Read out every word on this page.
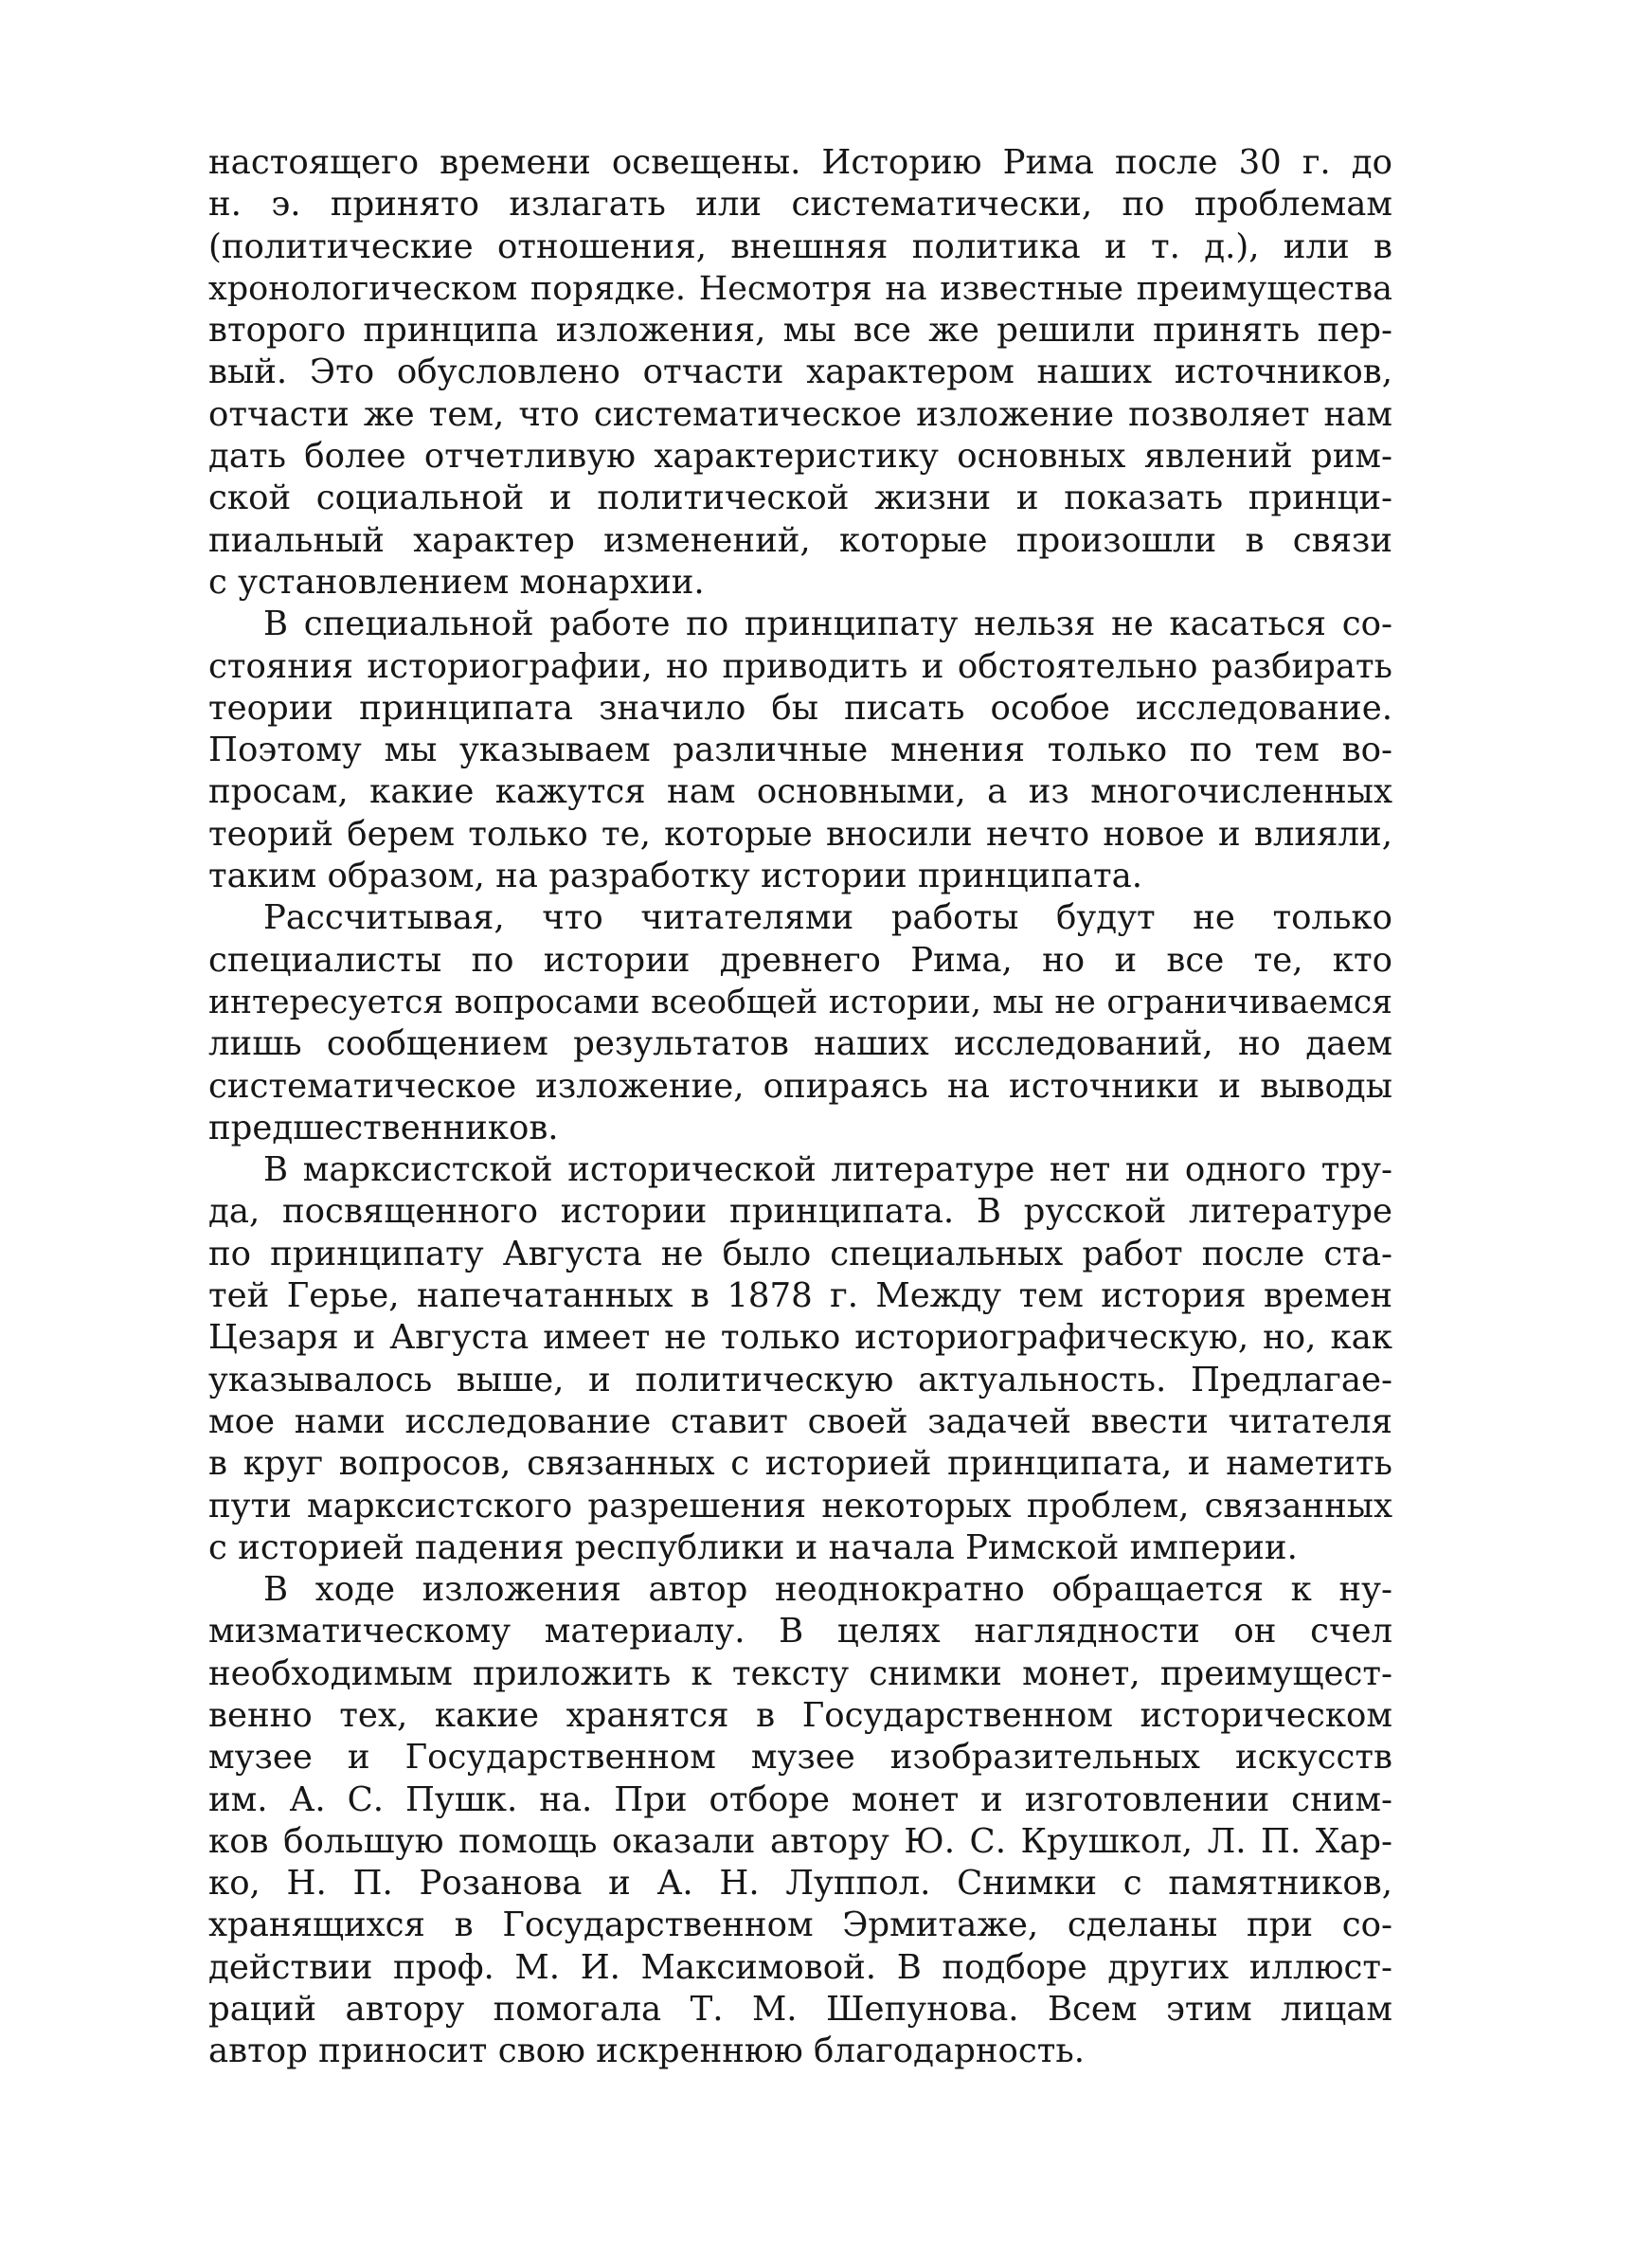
настоящего времени освещены. Историю Рима после 30 г. до
н. э. принято излагать или систематически, по проблемам
(политические отношения, внешняя политика и т. д.), или в
хронологическом порядке. Несмотря на известные преимущества
второго принципа изложения, мы все же решили принять пер-
вый. Это обусловлено отчасти характером наших источников,
отчасти же тем, что систематическое изложение позволяет нам
дать более отчетливую характеристику основных явлений рим-
ской социальной и политической жизни и показать принци-
пиальный характер изменений, которые произошли в связи
с установлением монархии.
В специальной работе по принципату нельзя не касаться со-
стояния историографии, но приводить и обстоятельно разбирать
теории принципата значило бы писать особое исследование.
Поэтому мы указываем различные мнения только по тем во-
просам, какие кажутся нам основными, а из многочисленных
теорий берем только те, которые вносили нечто новое и влияли,
таким образом, на разработку истории принципата.
Рассчитывая, что читателями работы будут не только
специалисты по истории древнего Рима, но и все те, кто
интересуется вопросами всеобщей истории, мы не ограничиваемся
лишь сообщением результатов наших исследований, но даем
систематическое изложение, опираясь на источники и выводы
предшественников.
В марксистской исторической литературе нет ни одного тру-
да, посвященного истории принципата. В русской литературе
по принципату Августа не было специальных работ после ста-
тей Герье, напечатанных в 1878 г. Между тем история времен
Цезаря и Августа имеет не только историографическую, но, как
указывалось выше, и политическую актуальность. Предлагае-
мое нами исследование ставит своей задачей ввести читателя
в круг вопросов, связанных с историей принципата, и наметить
пути марксистского разрешения некоторых проблем, связанных
с историей падения республики и начала Римской империи.
В ходе изложения автор неоднократно обращается к ну-
мизматическому материалу. В целях наглядности он счел
необходимым приложить к тексту снимки монет, преимущест-
венно тех, какие хранятся в Государственном историческом
музее и Государственном музее изобразительных искусств
им. А. С. Пушк. на. При отборе монет и изготовлении сним-
ков большую помощь оказали автору Ю. С. Крушкол, Л. П. Хар-
ко, Н. П. Розанова и А. Н. Луппол. Снимки с памятников,
хранящихся в Государственном Эрмитаже, сделаны при со-
действии проф. М. И. Максимовой. В подборе других иллюст-
раций автору помогала Т. М. Шепунова. Всем этим лицам
автор приносит свою искреннюю благодарность.
